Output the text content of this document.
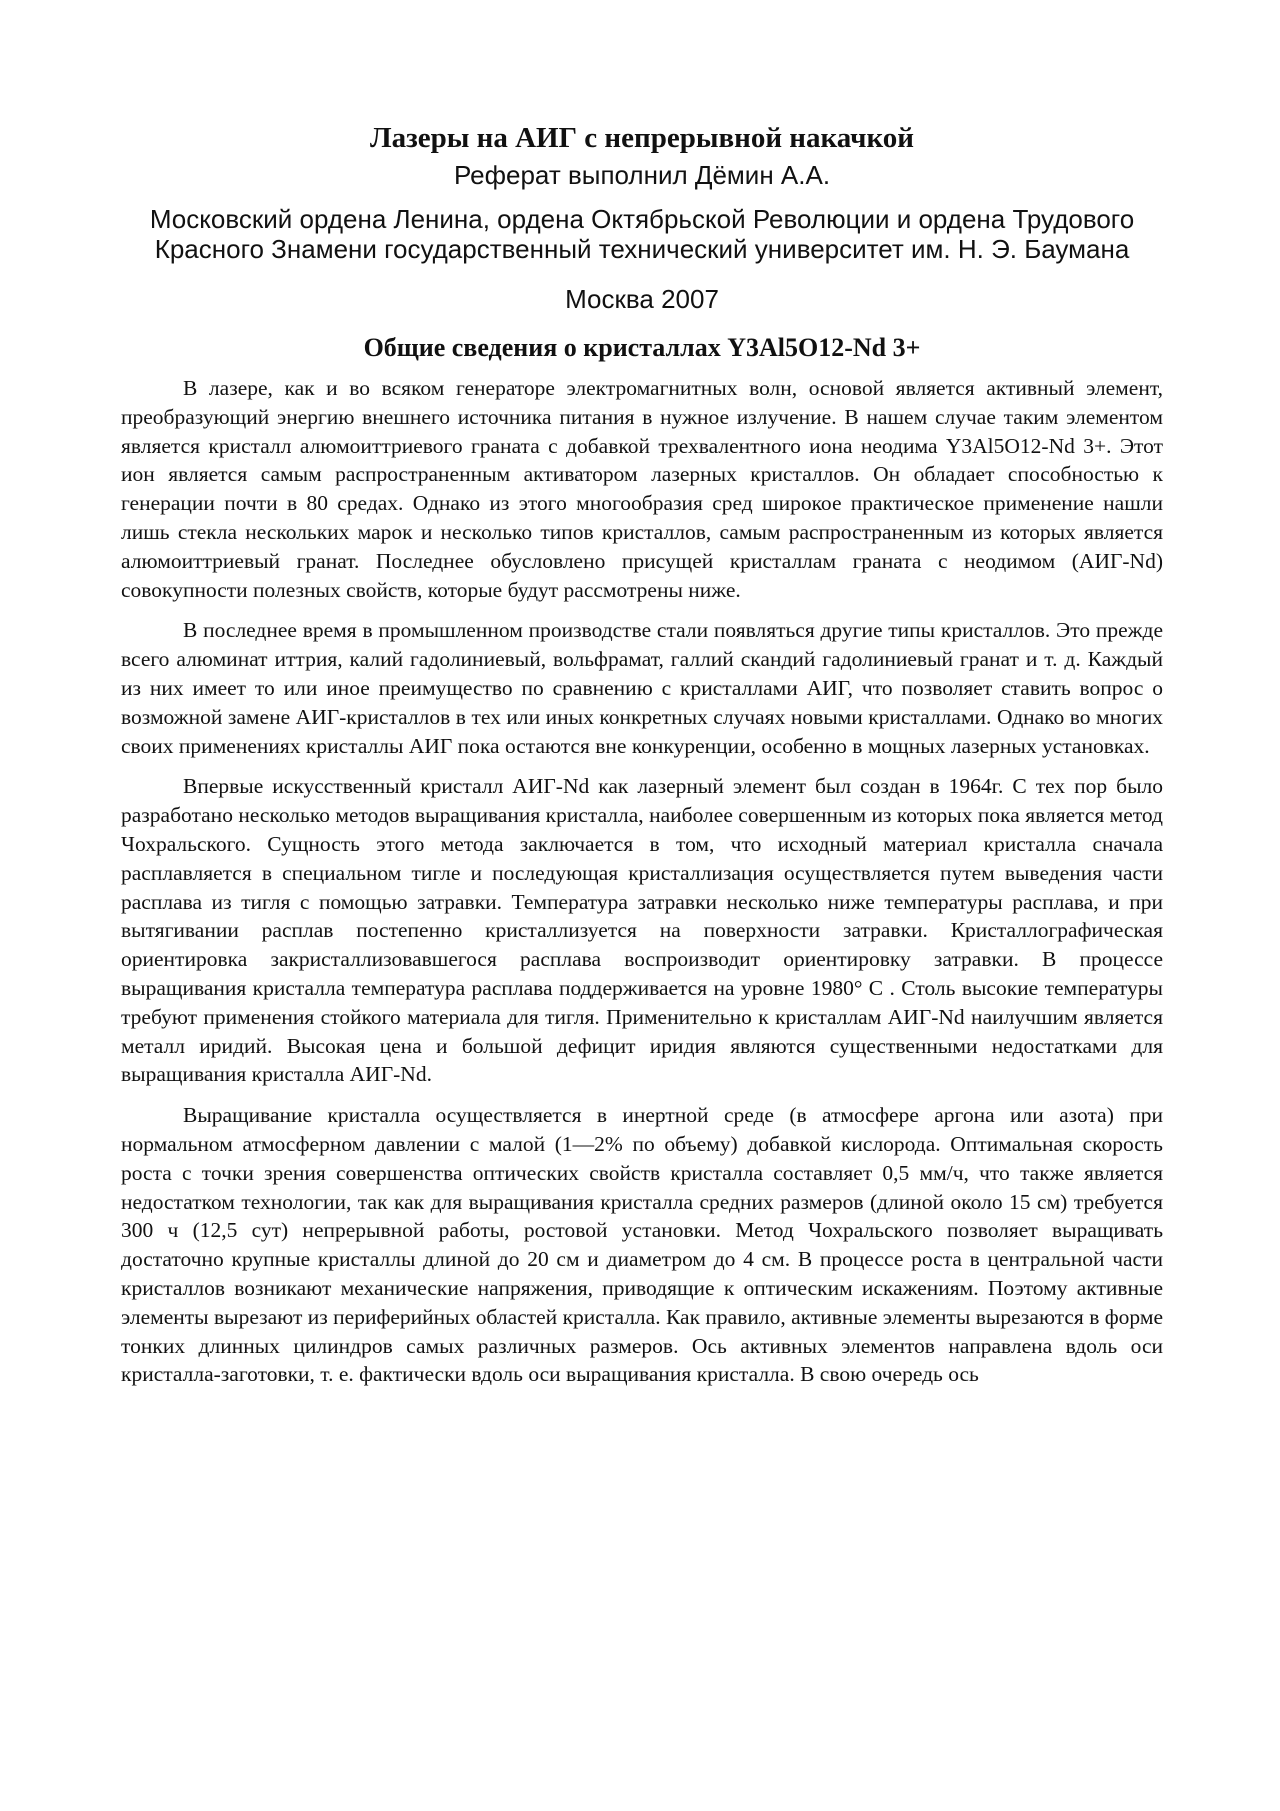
Лазеры на АИГ с непрерывной накачкой

Реферат выполнил Дёмин А.А.

Московский ордена Ленина, ордена Октябрьской Революции и ордена Трудового Красного Знамени государственный технический университет им. Н. Э. Баумана

Москва 2007

Общие сведения о кристаллах Y3Al5O12-Nd 3+

В лазере, как и во всяком генераторе электромагнитных волн, основой является активный элемент, преобразующий энергию внешнего источника питания в нужное излучение. В нашем случае таким элементом является кристалл алюмоиттриевого граната с добавкой трехвалентного иона неодима Y3Al5O12-Nd 3+. Этот ион является самым распространенным активатором лазерных кристаллов. Он обладает способностью к генерации почти в 80 средах. Однако из этого многообразия сред широкое практическое применение нашли лишь стекла нескольких марок и несколько типов кристаллов, самым распространенным из которых является алюмоиттриевый гранат. Последнее обусловлено присущей кристаллам граната с неодимом (АИГ-Nd) совокупности полезных свойств, которые будут рассмотрены ниже.

В последнее время в промышленном производстве стали появляться другие типы кристаллов. Это прежде всего алюминат иттрия, калий гадолиниевый, вольфрамат, галлий скандий гадолиниевый гранат и т. д. Каждый из них имеет то или иное преимущество по сравнению с кристаллами АИГ, что позволяет ставить вопрос о возможной замене АИГ-кристаллов в тех или иных конкретных случаях новыми кристаллами. Однако во многих своих применениях кристаллы АИГ пока остаются вне конкуренции, особенно в мощных лазерных установках.

Впервые искусственный кристалл АИГ-Nd как лазерный элемент был создан в 1964г. С тех пор было разработано несколько методов выращивания кристалла, наиболее совершенным из которых пока является метод Чохральского. Сущность этого метода заключается в том, что исходный материал кристалла сначала расплавляется в специальном тигле и последующая кристаллизация осуществляется путем выведения части расплава из тигля с помощью затравки. Температура затравки несколько ниже температуры расплава, и при вытягивании расплав постепенно кристаллизуется на поверхности затравки. Кристаллографическая ориентировка закристаллизовавшегося расплава воспроизводит ориентировку затравки. В процессе выращивания кристалла температура расплава поддерживается на уровне 1980° С . Столь высокие температуры требуют применения стойкого материала для тигля. Применительно к кристаллам АИГ-Nd наилучшим является металл иридий. Высокая цена и большой дефицит иридия являются существенными недостатками для выращивания кристалла АИГ-Nd.

Выращивание кристалла осуществляется в инертной среде (в атмосфере аргона или азота) при нормальном атмосферном давлении с малой (1—2% по объему) добавкой кислорода. Оптимальная скорость роста с точки зрения совершенства оптических свойств кристалла составляет 0,5 мм/ч, что также является недостатком технологии, так как для выращивания кристалла средних размеров (длиной около 15 см) требуется 300 ч (12,5 сут) непрерывной работы, ростовой установки. Метод Чохральского позволяет выращивать достаточно крупные кристаллы длиной до 20 см и диаметром до 4 см. В процессе роста в центральной части кристаллов возникают механические напряжения, приводящие к оптическим искажениям. Поэтому активные элементы вырезают из периферийных областей кристалла. Как правило, активные элементы вырезаются в форме тонких длинных цилиндров самых различных размеров. Ось активных элементов направлена вдоль оси кристалла-заготовки, т. е. фактически вдоль оси выращивания кристалла. В свою очередь ось
